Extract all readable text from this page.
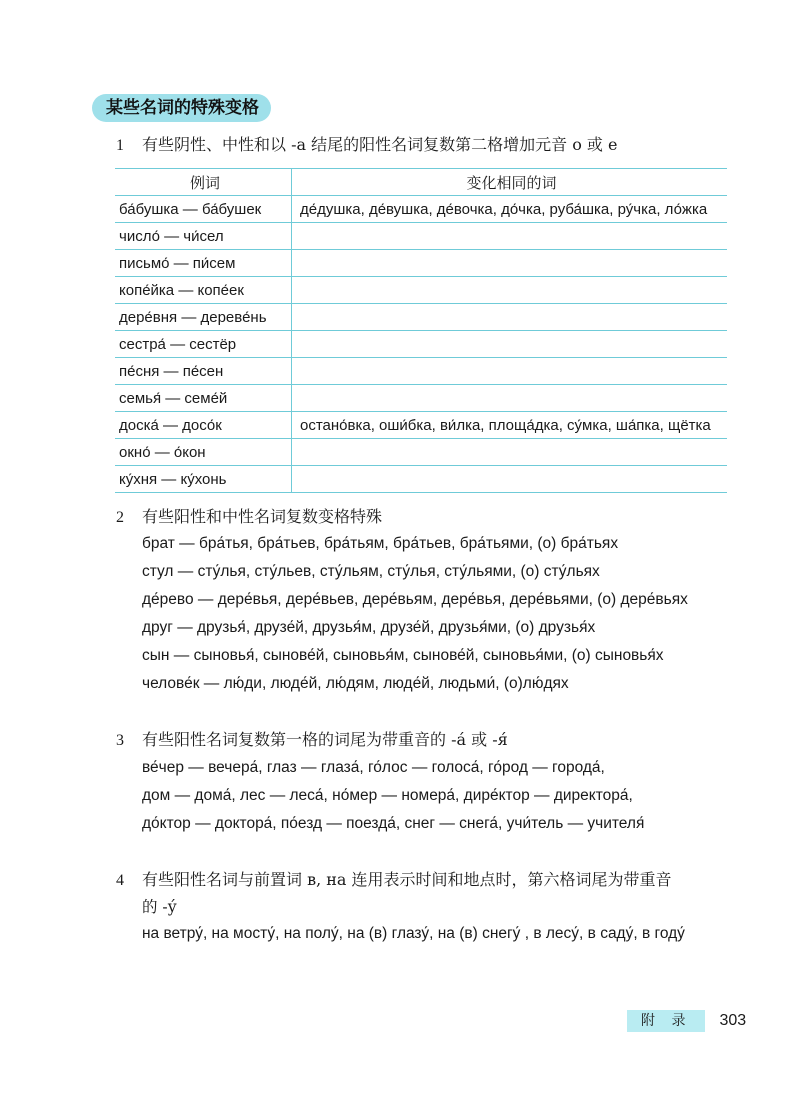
某些名词的特殊变格
1 有些阴性、中性和以 -а 结尾的阳性名词复数第二格增加元音 о 或 е
例词	变化相同的词
ба́бушка — ба́бушек	де́душка, де́вушка, де́вочка, до́чка, руба́шка, ру́чка, ло́жка
число́ — чи́сел	
письмо́ — пи́сем	
копе́йка — копе́ек	
дере́вня — дереве́нь	
сестра́ — сестёр	
пе́сня — пе́сен	
семья́ — семе́й	
доска́ — досо́к	остано́вка, оши́бка, ви́лка, площа́дка, су́мка, ша́пка, щётка
окно́ — о́кон	
ку́хня — ку́хонь	
2 有些阳性和中性名词复数变格特殊
брат — бра́тья, бра́тьев, бра́тьям, бра́тьев, бра́тьями, (о) бра́тьях
стул — сту́лья, сту́льев, сту́льям, сту́лья, сту́льями, (о) сту́льях
де́рево — дере́вья, дере́вьев, дере́вьям, дере́вья, дере́вьями, (о) дере́вьях
друг — друзья́, друзе́й, друзья́м, друзе́й, друзья́ми, (о) друзья́х
сын — сыновья́, сынове́й, сыновья́м, сынове́й, сыновья́ми, (о) сыновья́х
челове́к — лю́ди, люде́й, лю́дям, люде́й, людьми́, (о)лю́дях
3 有些阳性名词复数第一格的词尾为带重音的 -а́ 或 -я́
ве́чер — вечера́, глаз — глаза́, го́лос — голоса́, го́род — города́,
дом — дома́, лес — леса́, но́мер — номера́, дире́ктор — директора́,
до́ктор — доктора́, по́езд — поезда́, снег — снега́, учи́тель — учителя́
4 有些阳性名词与前置词 в, на 连用表示时间和地点时，第六格词尾为带重音
的 -у́
на ветру́, на мосту́, на полу́, на (в) глазу́, на (в) снегу́ , в лесу́, в саду́, в году́
附 录 303
